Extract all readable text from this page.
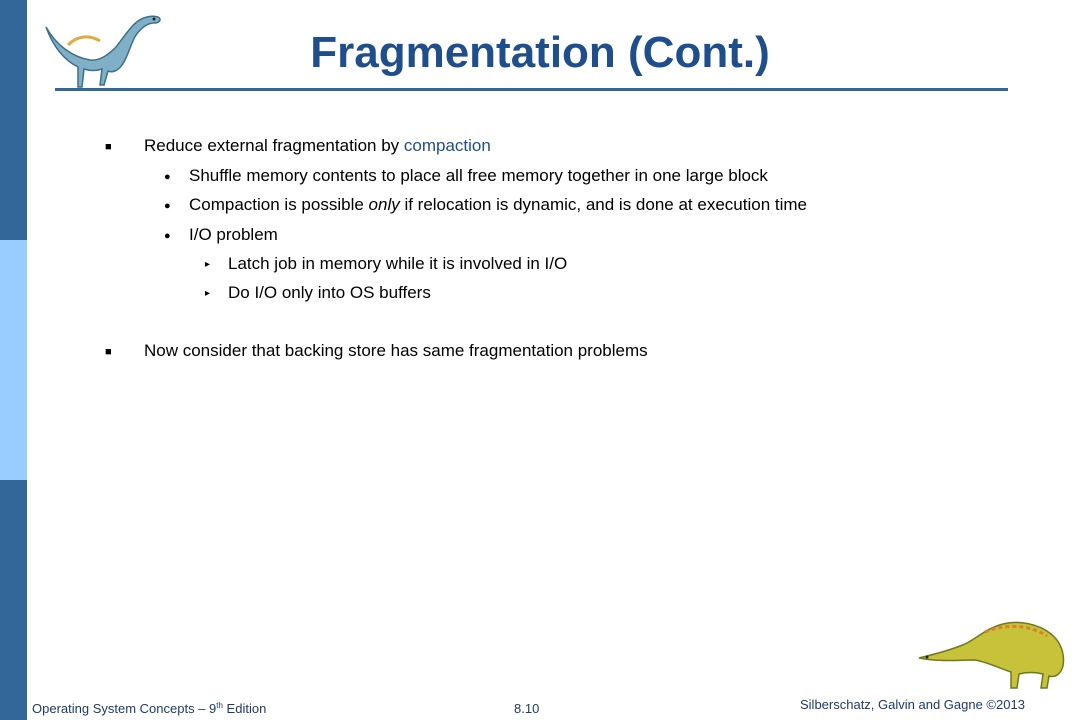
Fragmentation (Cont.)
■ Reduce external fragmentation by compaction
● Shuffle memory contents to place all free memory together in one large block
● Compaction is possible only if relocation is dynamic, and is done at execution time
● I/O problem
▸ Latch job in memory while it is involved in I/O
▸ Do I/O only into OS buffers
■ Now consider that backing store has same fragmentation problems
Operating System Concepts – 9th Edition	8.10	Silberschatz, Galvin and Gagne ©2013
